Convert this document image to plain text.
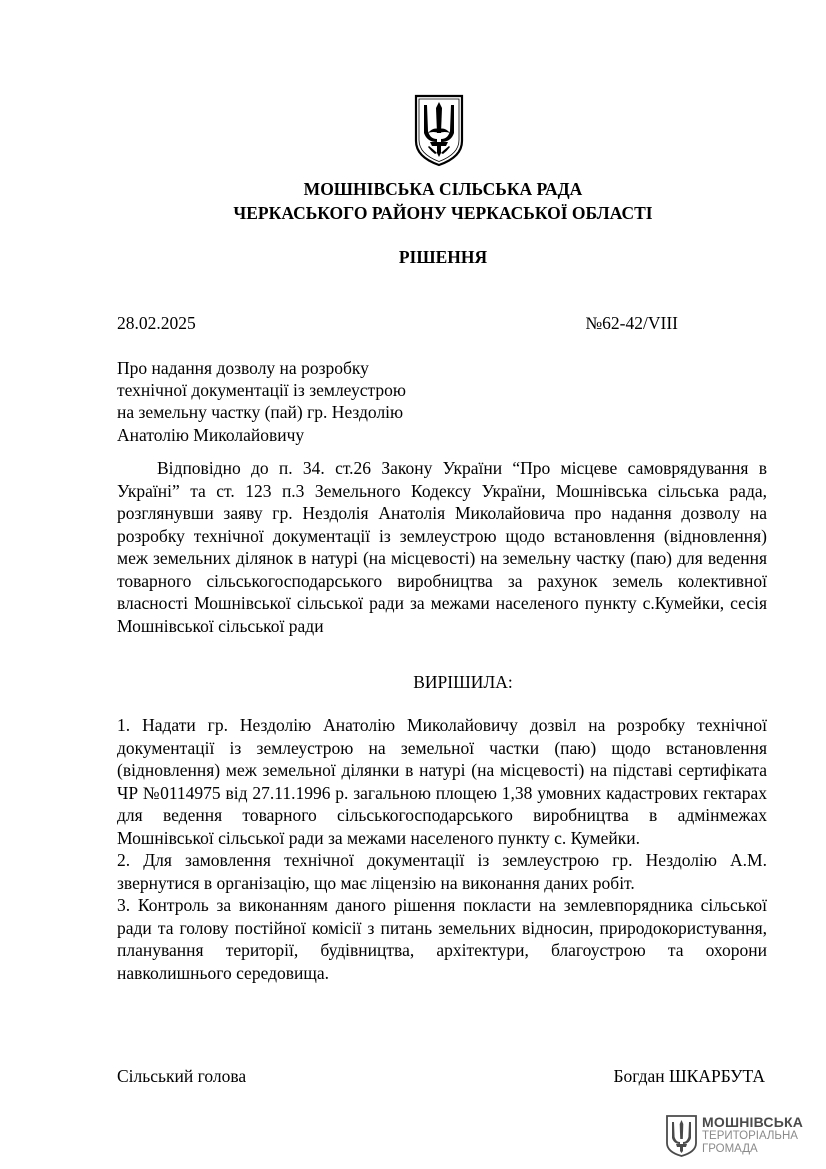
МОШНІВСЬКА СІЛЬСЬКА РАДА
ЧЕРКАСЬКОГО РАЙОНУ ЧЕРКАСЬКОЇ ОБЛАСТІ
РІШЕННЯ
28.02.2025	№62-42/VIII
Про надання дозволу на розробку
технічної документації із землеустрою
на земельну частку (пай) гр. Нездолію
Анатолію Миколайовичу
Відповідно до п. 34. ст.26 Закону України “Про місцеве самоврядування в Україні” та ст. 123 п.3 Земельного Кодексу України, Мошнівська сільська рада, розглянувши заяву гр. Нездолія Анатолія Миколайовича про надання дозволу на розробку технічної документації із землеустрою щодо встановлення (відновлення) меж земельних ділянок в натурі (на місцевості) на земельну частку (паю) для ведення товарного сільськогосподарського виробництва за рахунок земель колективної власності Мошнівської сільської ради за межами населеного пункту с.Кумейки, сесія Мошнівської сільської ради
ВИРІШИЛА:

1. Надати гр. Нездолію Анатолію Миколайовичу дозвіл на розробку технічної документації із землеустрою на земельної частки (паю) щодо встановлення (відновлення) меж земельної ділянки в натурі (на місцевості) на підставі сертифіката ЧР №0114975 від 27.11.1996 р. загальною площею 1,38 умовних кадастрових гектарах для ведення товарного сільськогосподарського виробництва в адмінмежах Мошнівської сільської ради за межами населеного пункту с. Кумейки.

2. Для замовлення технічної документації із землеустрою гр. Нездолію А.М. звернутися в організацію, що має ліцензію на виконання даних робіт.

3. Контроль за виконанням даного рішення покласти на землевпорядника сільської ради та голову постійної комісії з питань земельних відносин, природокористування, планування території, будівництва, архітектури, благоустрою та охорони навколишнього середовища.

Сільський голова	Богдан ШКАРБУТА
МОШНІВСЬКА
ТЕРИТОРІАЛЬНА
ГРОМАДА
